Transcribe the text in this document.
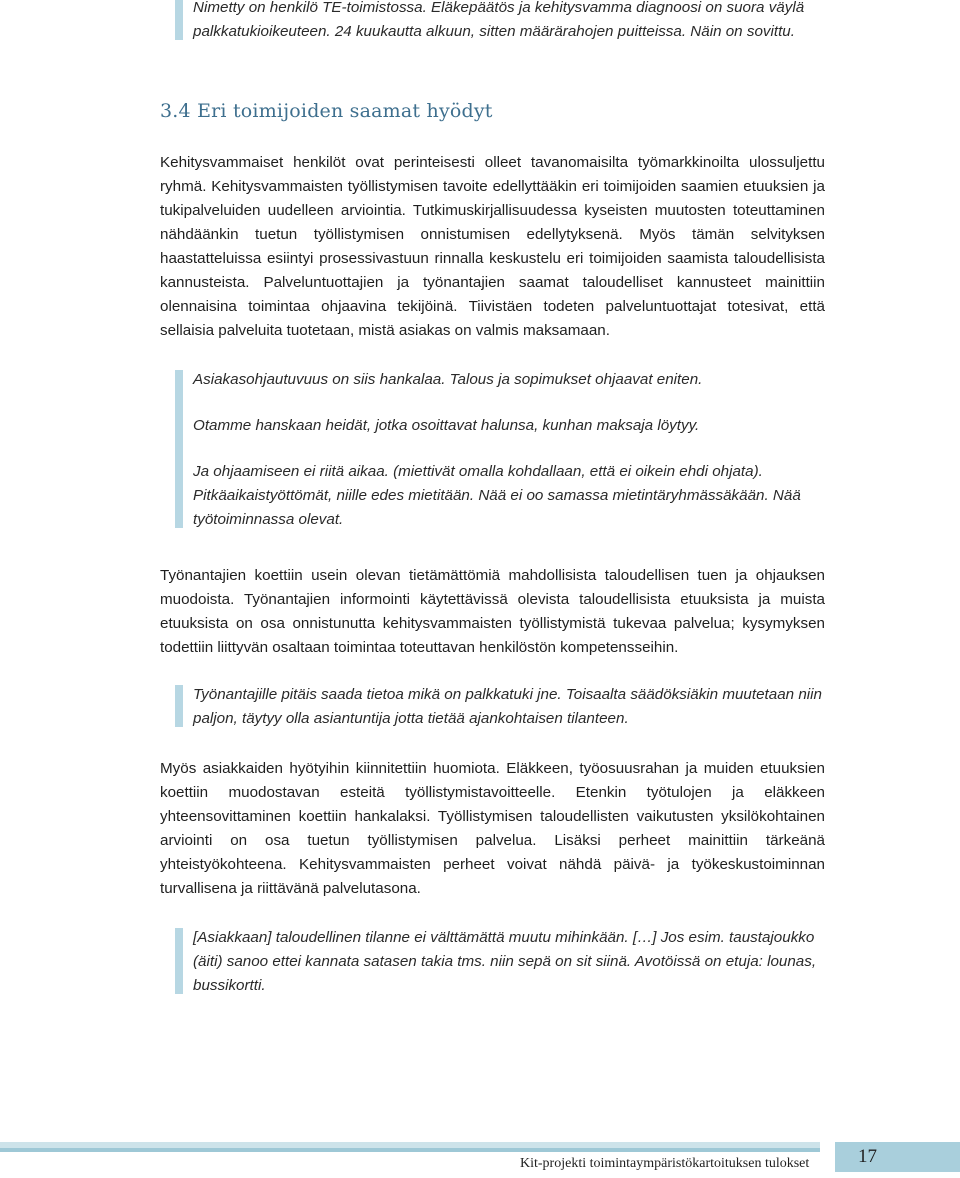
Nimetty on henkilö TE-toimistossa. Eläkepäätös ja kehitysvamma diagnoosi on suora väylä

palkkatukioikeuteen. 24 kuukautta alkuun, sitten määrärahojen puitteissa. Näin on sovittu.

3.4 Eri toimijoiden saamat hyödyt

Kehitysvammaiset henkilöt ovat perinteisesti olleet tavanomaisilta työmarkkinoilta ulossuljettu ryhmä. Kehitysvammaisten työllistymisen tavoite edellyttääkin eri toimijoiden saamien etuuksien ja tukipalveluiden uudelleen arviointia. Tutkimuskirjallisuudessa kyseisten muutosten toteuttaminen nähdäänkin tuetun työllistymisen onnistumisen edellytyksenä. Myös tämän selvityksen haastatteluissa esiintyi prosessivastuun rinnalla keskustelu eri toimijoiden saamista taloudellisista kannusteista. Palveluntuottajien ja työnantajien saamat taloudelliset kannusteet mainittiin olennaisina toimintaa ohjaavina tekijöinä. Tiivistäen todeten palveluntuottajat totesivat, että sellaisia palveluita tuotetaan, mistä asiakas on valmis maksamaan.

Asiakasohjautuvuus on siis hankalaa. Talous ja sopimukset ohjaavat eniten.

Otamme hanskaan heidät, jotka osoittavat halunsa, kunhan maksaja löytyy.

Ja ohjaamiseen ei riitä aikaa. (miettivät omalla kohdallaan, että ei oikein ehdi ohjata). Pitkäaikaistyöttömät, niille edes mietitään. Nää ei oo samassa mietintäryhmässäkään. Nää työtoiminnassa olevat.

Työnantajien koettiin usein olevan tietämättömiä mahdollisista taloudellisen tuen ja ohjauksen muodoista. Työnantajien informointi käytettävissä olevista taloudellisista etuuksista ja muista etuuksista on osa onnistunutta kehitysvammaisten työllistymistä tukevaa palvelua; kysymyksen todettiin liittyvän osaltaan toimintaa toteuttavan henkilöstön kompetensseihin.

Työnantajille pitäis saada tietoa mikä on palkkatuki jne. Toisaalta säädöksiäkin muutetaan niin paljon, täytyy olla asiantuntija jotta tietää ajankohtaisen tilanteen.

Myös asiakkaiden hyötyihin kiinnitettiin huomiota. Eläkkeen, työosuusrahan ja muiden etuuksien koettiin muodostavan esteitä työllistymistavoitteelle. Etenkin työtulojen ja eläkkeen yhteensovittaminen koettiin hankalaksi. Työllistymisen taloudellisten vaikutusten yksilökohtainen arviointi on osa tuetun työllistymisen palvelua. Lisäksi perheet mainittiin tärkeänä yhteistyökohteena. Kehitysvammaisten perheet voivat nähdä päivä- ja työkeskustoiminnan turvallisena ja riittävänä palvelutasona.

[Asiakkaan] taloudellinen tilanne ei välttämättä muutu mihinkään. […] Jos esim. taustajoukko (äiti) sanoo ettei kannata satasen takia tms. niin sepä on sit siinä. Avotöissä on etuja: lounas, bussikortti.

Kit-projekti toimintaympäristökartoituksen tulokset	17
